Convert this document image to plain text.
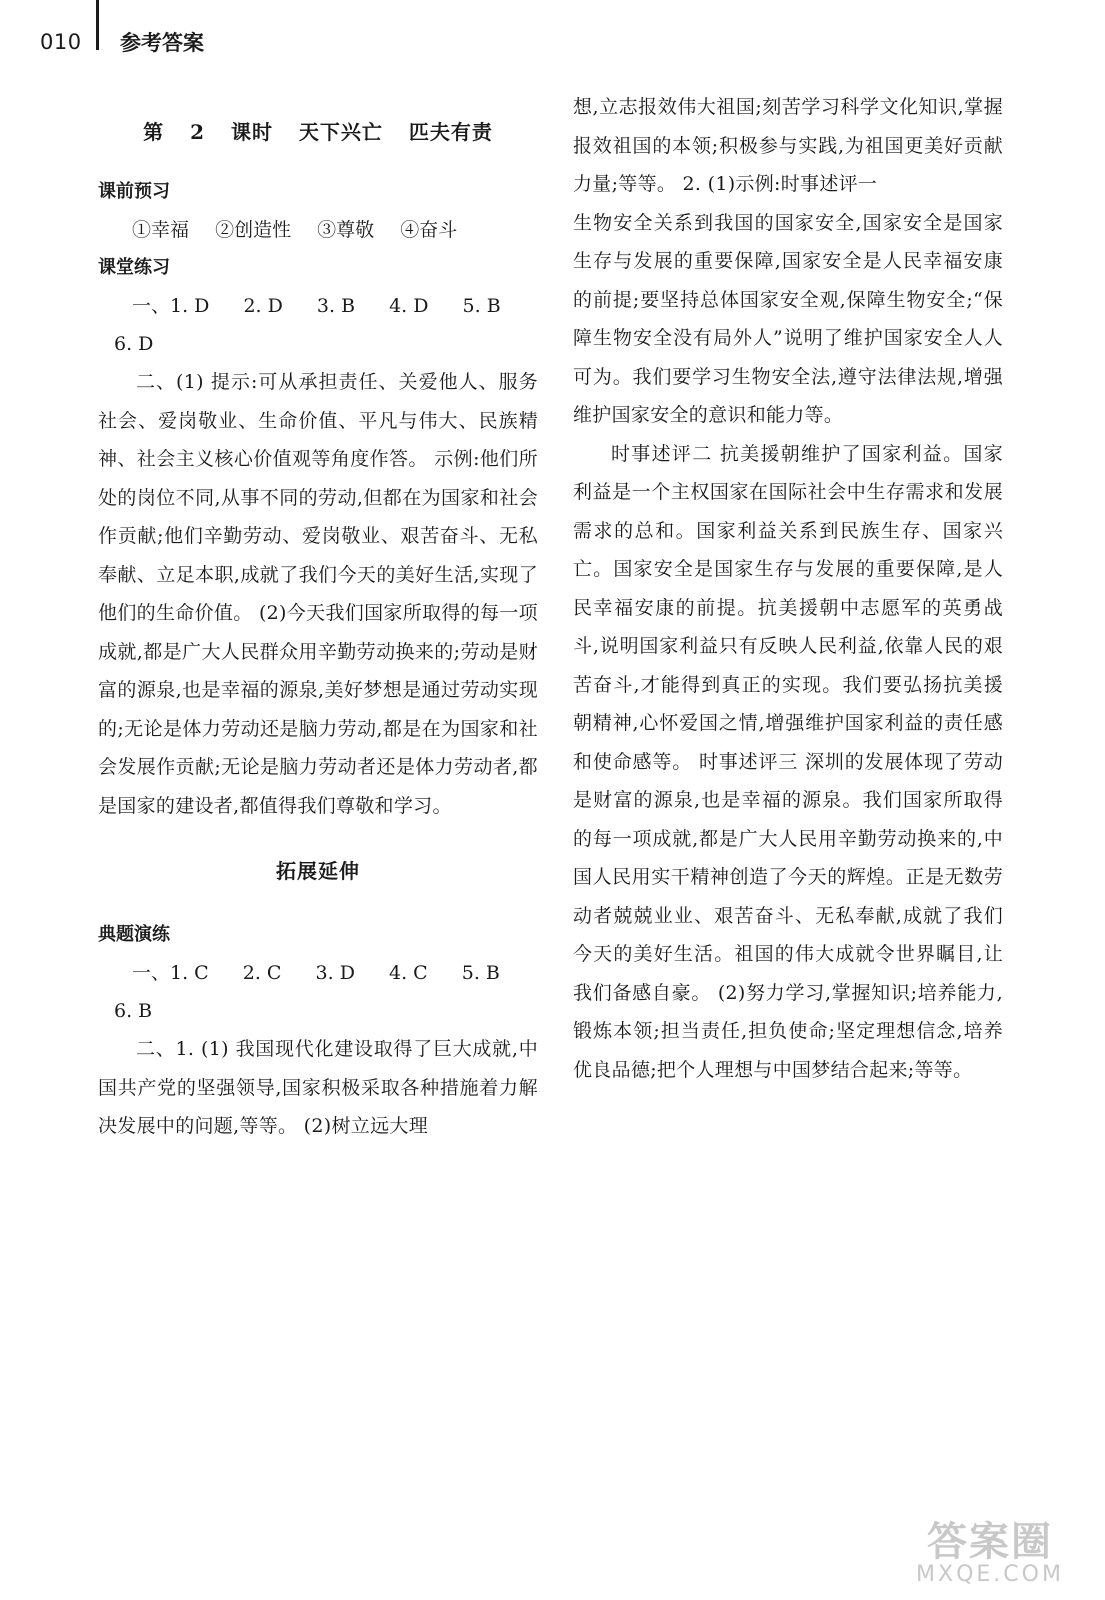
010 参考答案
第 2 课时 天下兴亡 匹夫有责

课前预习

①幸福 ②创造性 ③尊敬 ④奋斗

课堂练习

一、1. D 2. D 3. B 4. D 5. B

6. D

二、(1) 提示:可从承担责任、关爱他人、服务社会、爱岗敬业、生命价值、平凡与伟大、民族精神、社会主义核心价值观等角度作答。 示例:他们所处的岗位不同,从事不同的劳动,但都在为国家和社会作贡献;他们辛勤劳动、爱岗敬业、艰苦奋斗、无私奉献、立足本职,成就了我们今天的美好生活,实现了他们的生命价值。 (2)今天我们国家所取得的每一项成就,都是广大人民群众用辛勤劳动换来的;劳动是财富的源泉,也是幸福的源泉,美好梦想是通过劳动实现的;无论是体力劳动还是脑力劳动,都是在为国家和社会发展作贡献;无论是脑力劳动者还是体力劳动者,都是国家的建设者,都值得我们尊敬和学习。

拓展延伸

典题演练

一、1. C 2. C 3. D 4. C 5. B

6. B

二、1. (1) 我国现代化建设取得了巨大成就,中国共产党的坚强领导,国家积极采取各种措施着力解决发展中的问题,等等。 (2)树立远大理

想,立志报效伟大祖国;刻苦学习科学文化知识,掌握报效祖国的本领;积极参与实践,为祖国更美好贡献力量;等等。 2. (1)示例:时事述评一

生物安全关系到我国的国家安全,国家安全是国家生存与发展的重要保障,国家安全是人民幸福安康的前提;要坚持总体国家安全观,保障生物安全;“保障生物安全没有局外人”说明了维护国家安全人人可为。我们要学习生物安全法,遵守法律法规,增强维护国家安全的意识和能力等。

时事述评二 抗美援朝维护了国家利益。国家利益是一个主权国家在国际社会中生存需求和发展需求的总和。国家利益关系到民族生存、国家兴亡。国家安全是国家生存与发展的重要保障,是人民幸福安康的前提。抗美援朝中志愿军的英勇战斗,说明国家利益只有反映人民利益,依靠人民的艰苦奋斗,才能得到真正的实现。我们要弘扬抗美援朝精神,心怀爱国之情,增强维护国家利益的责任感和使命感等。 时事述评三 深圳的发展体现了劳动是财富的源泉,也是幸福的源泉。我们国家所取得的每一项成就,都是广大人民用辛勤劳动换来的,中国人民用实干精神创造了今天的辉煌。正是无数劳动者兢兢业业、艰苦奋斗、无私奉献,成就了我们今天的美好生活。祖国的伟大成就令世界瞩目,让我们备感自豪。 (2)努力学习,掌握知识;培养能力,锻炼本领;担当责任,担负使命;坚定理想信念,培养优良品德;把个人理想与中国梦结合起来;等等。

答案圈
MXQE.COM
